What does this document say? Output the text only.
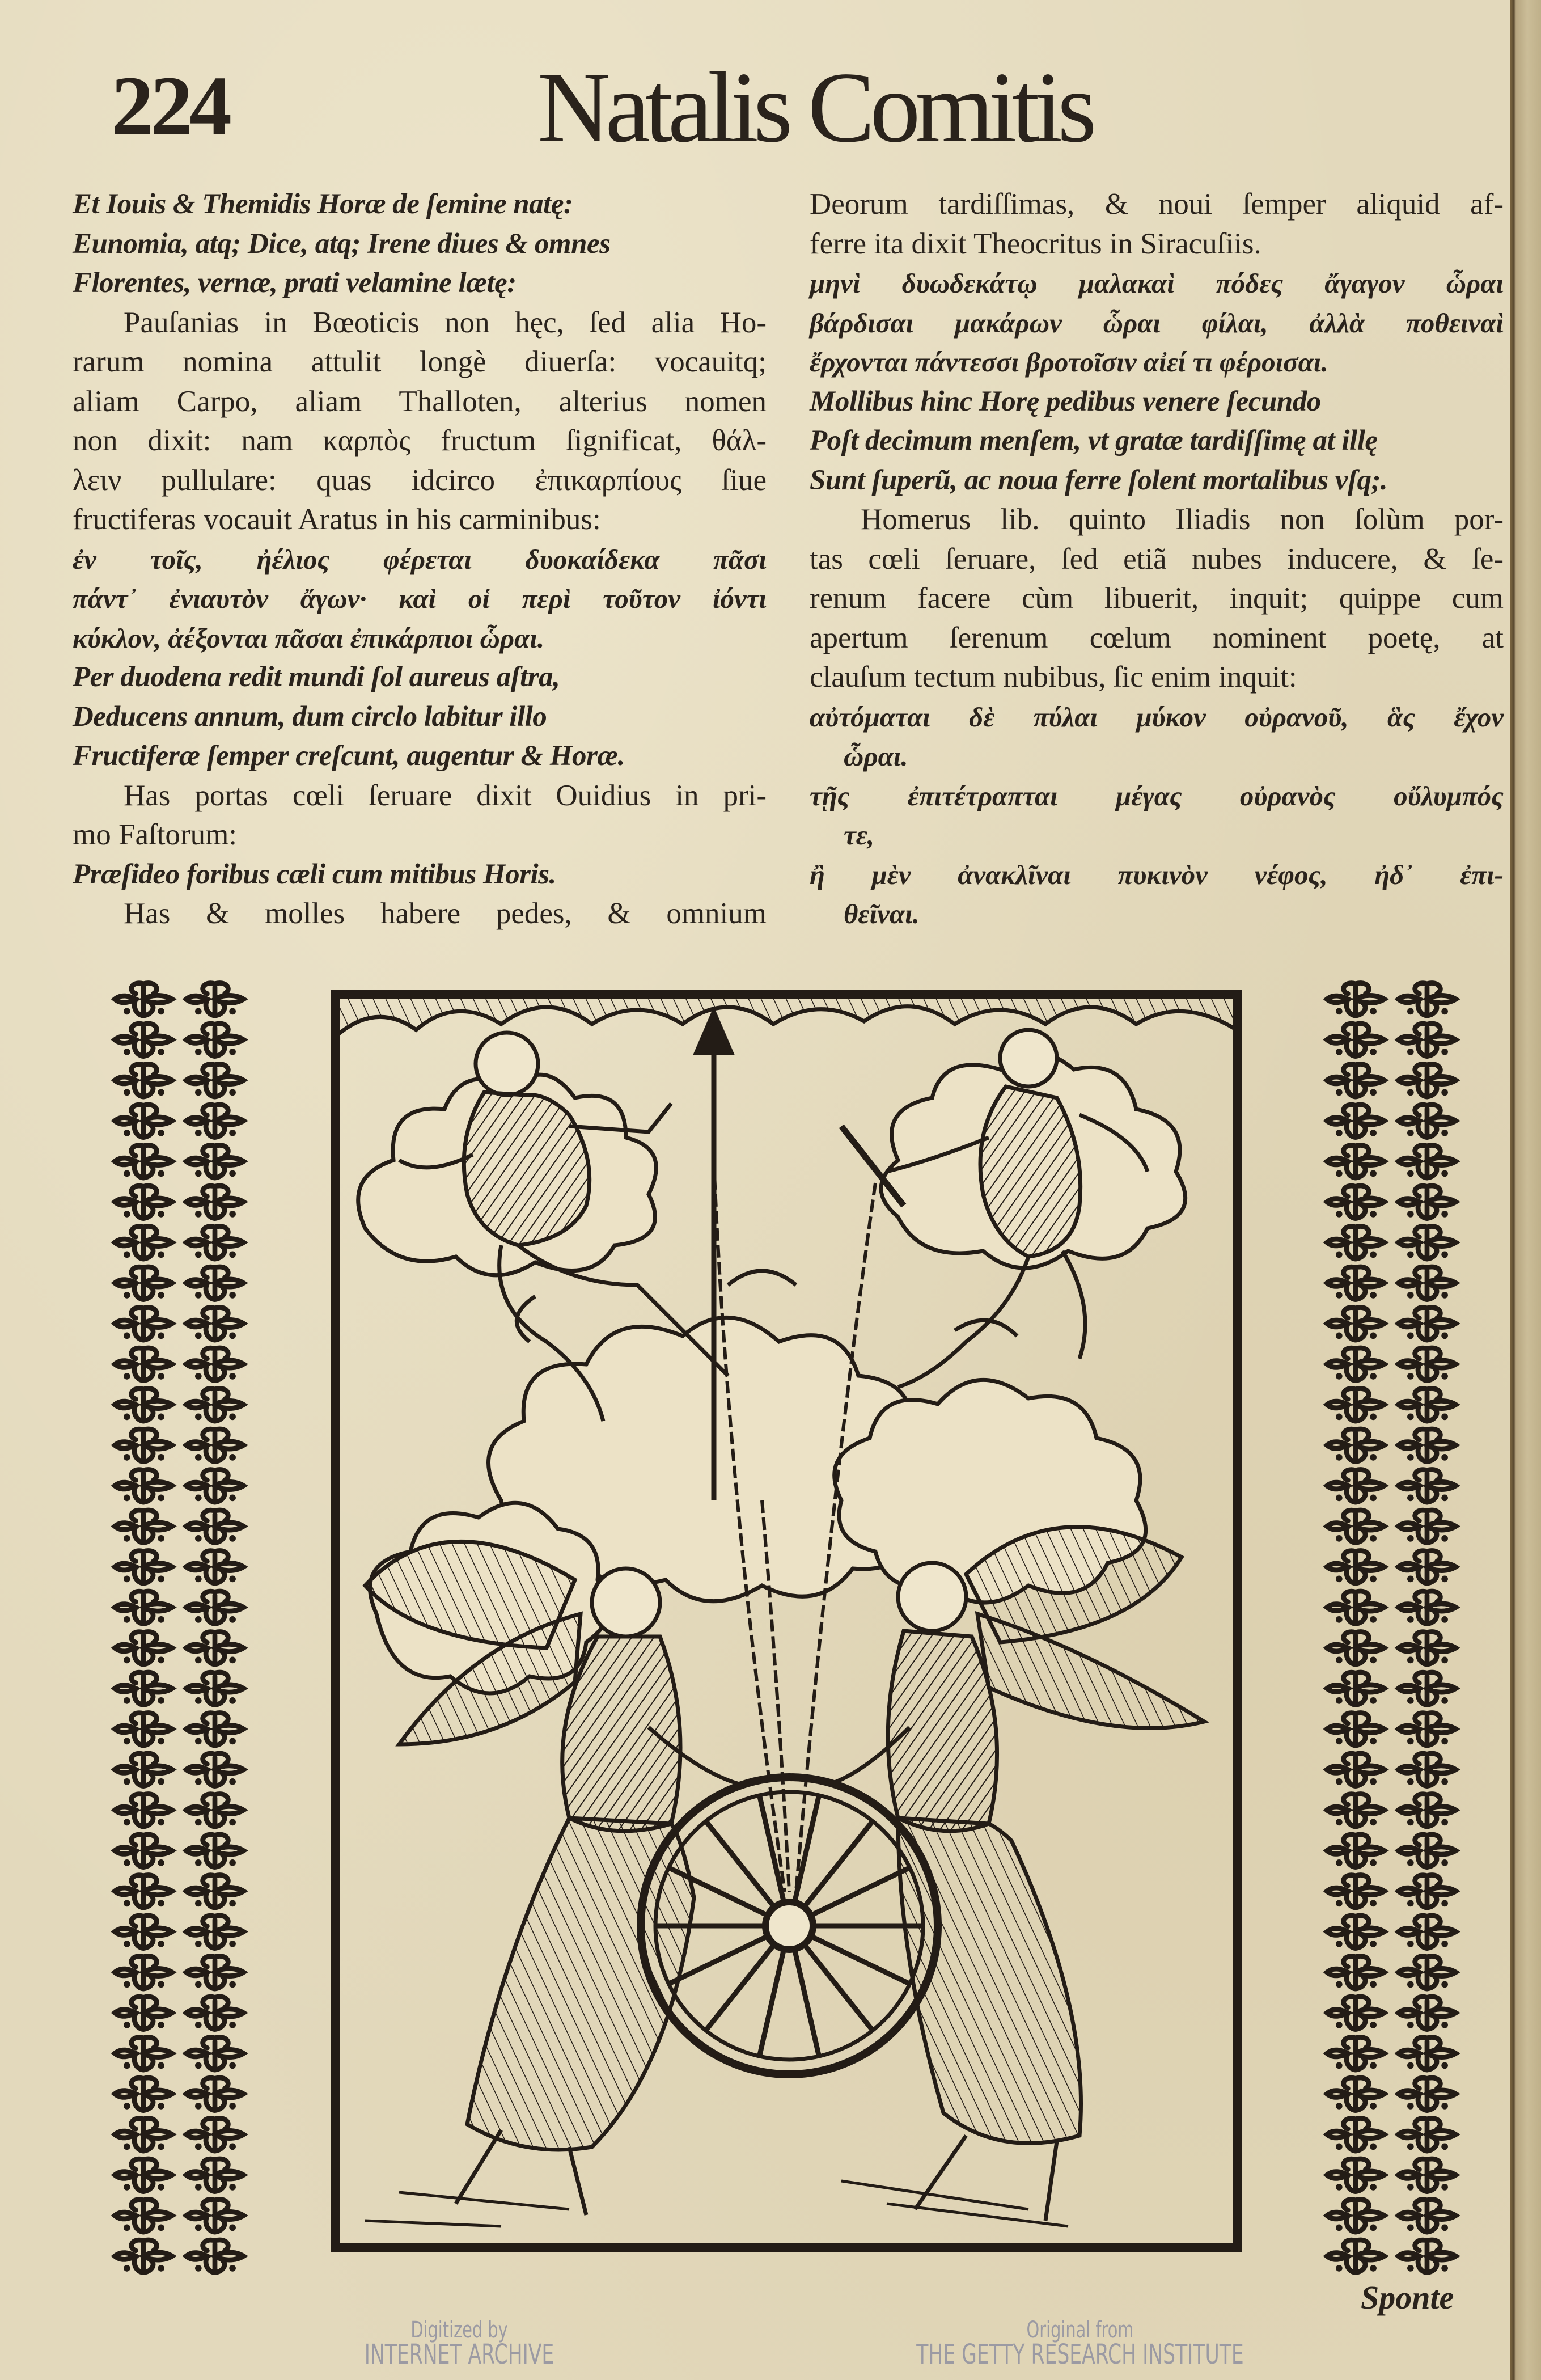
224	Natalis Comitis
Et Iouis & Themidis Horæ de ſemine natę:
Eunomia, atq; Dice, atq; Irene diues & omnes
Florentes, vernæ, prati velamine lætę:
Pauſanias in Bœoticis non hęc, ſed alia Ho-
rarum nomina attulit longè diuerſa: vocauitq;
aliam Carpo, aliam Thalloten, alterius nomen
non dixit: nam καρπὸς fructum ſignificat, θάλ-
λειν pullulare: quas idcirco ἐπικαρπίους ſiue
fructiferas vocauit Aratus in his carminibus:
ἐν τοῖς, ἠέλιος φέρεται δυοκαίδεκα πᾶσι
πάντ᾽ ἐνιαυτὸν ἄγων· καὶ οἱ περὶ τοῦτον ἰόντι
κύκλον, ἀέξονται πᾶσαι ἐπικάρπιοι ὧραι.
Per duodena redit mundi ſol aureus aſtra,
Deducens annum, dum circlo labitur illo
Fructiferæ ſemper creſcunt, augentur & Horæ.
Has portas cœli ſeruare dixit Ouidius in pri-
mo Faſtorum:
Præſideo foribus cæli cum mitibus Horis.
Has & molles habere pedes, & omnium
Deorum tardiſſimas, & noui ſemper aliquid af-
ferre ita dixit Theocritus in Siracuſiis.
μηνὶ δυωδεκάτῳ μαλακαὶ πόδες ἄγαγον ὧραι
βάρδισαι μακάρων ὧραι φίλαι, ἀλλὰ ποθειναὶ
ἔρχονται πάντεσσι βροτοῖσιν αἰεί τι φέροισαι.
Mollibus hinc Horę pedibus venere ſecundo
Poſt decimum menſem, vt gratæ tardiſſimę at illę
Sunt ſuperũ, ac noua ferre ſolent mortalibus vſq;.
Homerus lib. quinto Iliadis non ſolùm por-
tas cœli ſeruare, ſed etiã nubes inducere, & ſe-
renum facere cùm libuerit, inquit; quippe cum
apertum ſerenum cœlum nominent poetę, at
clauſum tectum nubibus, ſic enim inquit:
αὐτόμαται δὲ πύλαι μύκον οὐρανοῦ, ἃς ἔχον
ὧραι.
τῇς ἐπιτέτραπται μέγας οὐρανὸς οὔλυμπός
τε,
ἢ μὲν ἀνακλῖναι πυκινὸν νέφος, ἠδ᾽ ἐπι-
θεῖναι.
Sponte
Digitized by
INTERNET ARCHIVE
Original from
THE GETTY RESEARCH INSTITUTE
